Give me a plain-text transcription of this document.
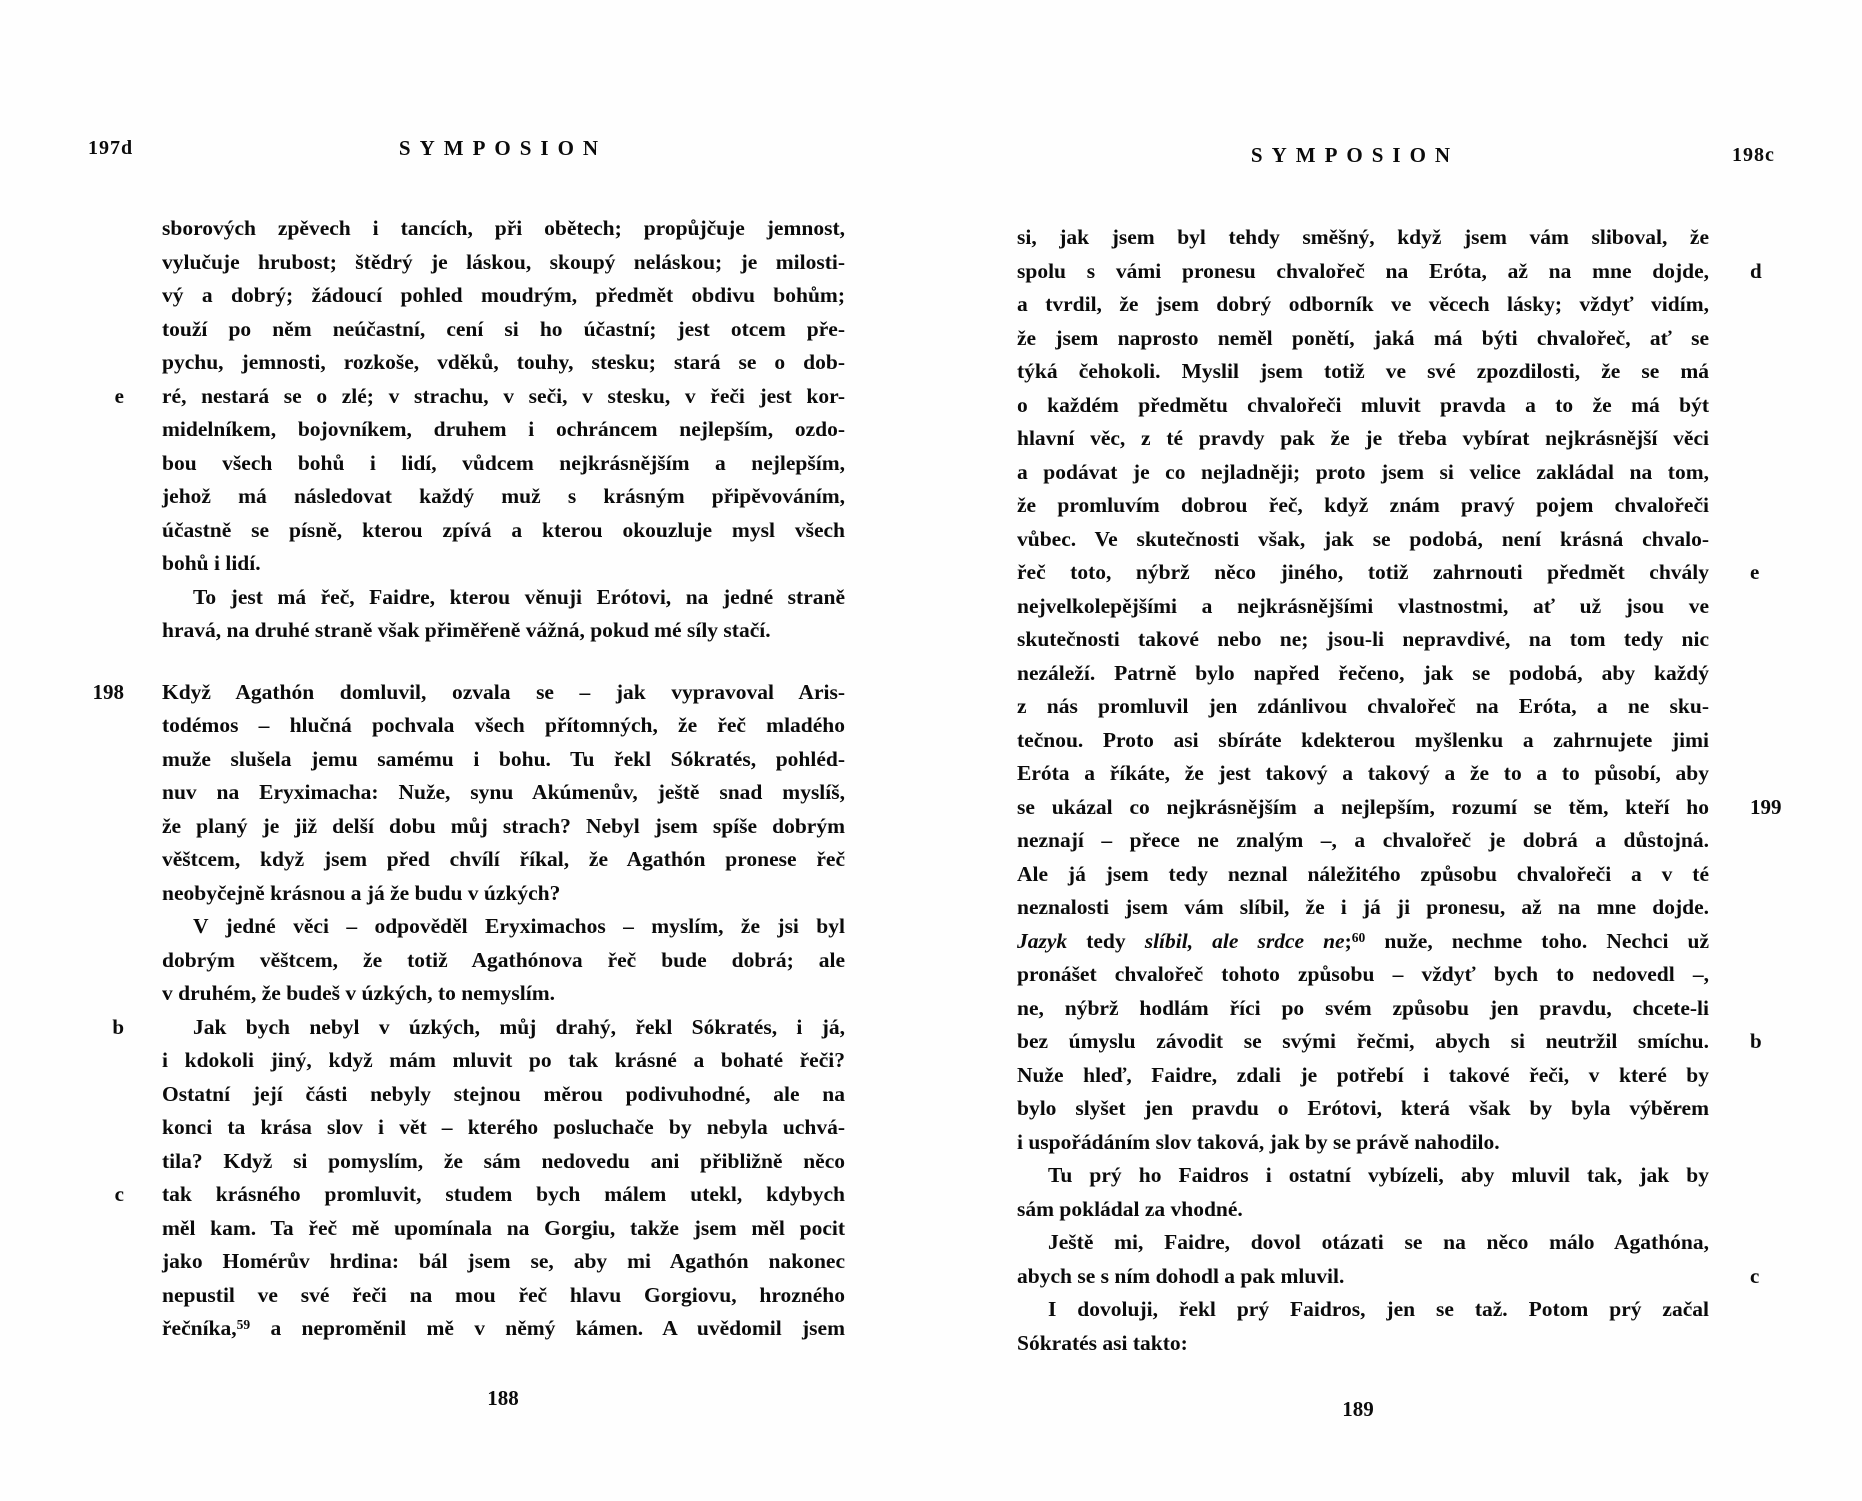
197d	SYMPOSION
sborových zpěvech i tancích, při obětech; propůjčuje jemnost,
vylučuje hrubost; štědrý je láskou, skoupý neláskou; je milosti-
vý a dobrý; žádoucí pohled moudrým, předmět obdivu bohům;
touží po něm neúčastní, cení si ho účastní; jest otcem pře-
pychu, jemnosti, rozkoše, vděků, touhy, stesku; stará se o dob-
ré, nestará se o zlé; v strachu, v seči, v stesku, v řeči jest kor-
e
midelníkem, bojovníkem, druhem i ochráncem nejlepším, ozdo-
bou všech bohů i lidí, vůdcem nejkrásnějším a nejlepším,
jehož má následovat každý muž s krásným připěvováním,
účastně se písně, kterou zpívá a kterou okouzluje mysl všech
bohů i lidí.
To jest má řeč, Faidre, kterou věnuji Erótovi, na jedné straně
hravá, na druhé straně však přiměřeně vážná, pokud mé síly stačí.
Když Agathón domluvil, ozvala se – jak vypravoval Aris-
198
todémos – hlučná pochvala všech přítomných, že řeč mladého
muže slušela jemu samému i bohu. Tu řekl Sókratés, pohléd-
nuv na Eryximacha: Nuže, synu Akúmenův, ještě snad myslíš,
že planý je již delší dobu můj strach? Nebyl jsem spíše dobrým
věštcem, když jsem před chvílí říkal, že Agathón pronese řeč
neobyčejně krásnou a já že budu v úzkých?
V jedné věci – odpověděl Eryximachos – myslím, že jsi byl
dobrým věštcem, že totiž Agathónova řeč bude dobrá; ale
v druhém, že budeš v úzkých, to nemyslím.
Jak bych nebyl v úzkých, můj drahý, řekl Sókratés, i já,
b
i kdokoli jiný, když mám mluvit po tak krásné a bohaté řeči?
Ostatní její části nebyly stejnou měrou podivuhodné, ale na
konci ta krása slov i vět – kterého posluchače by nebyla uchvá-
tila? Když si pomyslím, že sám nedovedu ani přibližně něco
tak krásného promluvit, studem bych málem utekl, kdybych
c
měl kam. Ta řeč mě upomínala na Gorgiu, takže jsem měl pocit
jako Homérův hrdina: bál jsem se, aby mi Agathón nakonec
nepustil ve své řeči na mou řeč hlavu Gorgiovu, hrozného
řečníka,$^{59}$ a neproměnil mě v němý kámen. A uvědomil jsem
188
SYMPOSION	198c
si, jak jsem byl tehdy směšný, když jsem vám sliboval, že
spolu s vámi pronesu chvalořeč na Eróta, až na mne dojde, d
a tvrdil, že jsem dobrý odborník ve věcech lásky; vždyť vidím,
že jsem naprosto neměl ponětí, jaká má býti chvalořeč, ať se
týká čehokoli. Myslil jsem totiž ve své zpozdilosti, že se má
o každém předmětu chvalořeči mluvit pravda a to že má být
hlavní věc, z té pravdy pak že je třeba vybírat nejkrásnější věci
a podávat je co nejladněji; proto jsem si velice zakládal na tom,
že promluvím dobrou řeč, když znám pravý pojem chvalořeči
vůbec. Ve skutečnosti však, jak se podobá, není krásná chvalo-
řeč toto, nýbrž něco jiného, totiž zahrnouti předmět chvály e
nejvelkolepějšími a nejkrásnějšími vlastnostmi, ať už jsou ve
skutečnosti takové nebo ne; jsou-li nepravdivé, na tom tedy nic
nezáleží. Patrně bylo napřed řečeno, jak se podobá, aby každý
z nás promluvil jen zdánlivou chvalořeč na Eróta, a ne sku-
tečnou. Proto asi sbíráte kdekterou myšlenku a zahrnujete jimi
Eróta a říkáte, že jest takový a takový a že to a to působí, aby
se ukázal co nejkrásnějším a nejlepším, rozumí se těm, kteří ho 199
neznají – přece ne znalým –, a chvalořeč je dobrá a důstojná.
Ale já jsem tedy neznal náležitého způsobu chvalořeči a v té
neznalosti jsem vám slíbil, že i já ji pronesu, až na mne dojde.
Jazyk tedy slíbil, ale srdce ne;$^{60}$ nuže, nechme toho. Nechci už
pronášet chvalořeč tohoto způsobu – vždyť bych to nedovedl –,
ne, nýbrž hodlám říci po svém způsobu jen pravdu, chcete-li
bez úmyslu závodit se svými řečmi, abych si neutržil smíchu. b
Nuže hleď, Faidre, zdali je potřebí i takové řeči, v které by
bylo slyšet jen pravdu o Erótovi, která však by byla výběrem
i uspořádáním slov taková, jak by se právě nahodilo.
Tu prý ho Faidros i ostatní vybízeli, aby mluvil tak, jak by
sám pokládal za vhodné.
Ještě mi, Faidre, dovol otázati se na něco málo Agathóna,
abych se s ním dohodl a pak mluvil.	c
I dovoluji, řekl prý Faidros, jen se taž. Potom prý začal
Sókratés asi takto:
189
